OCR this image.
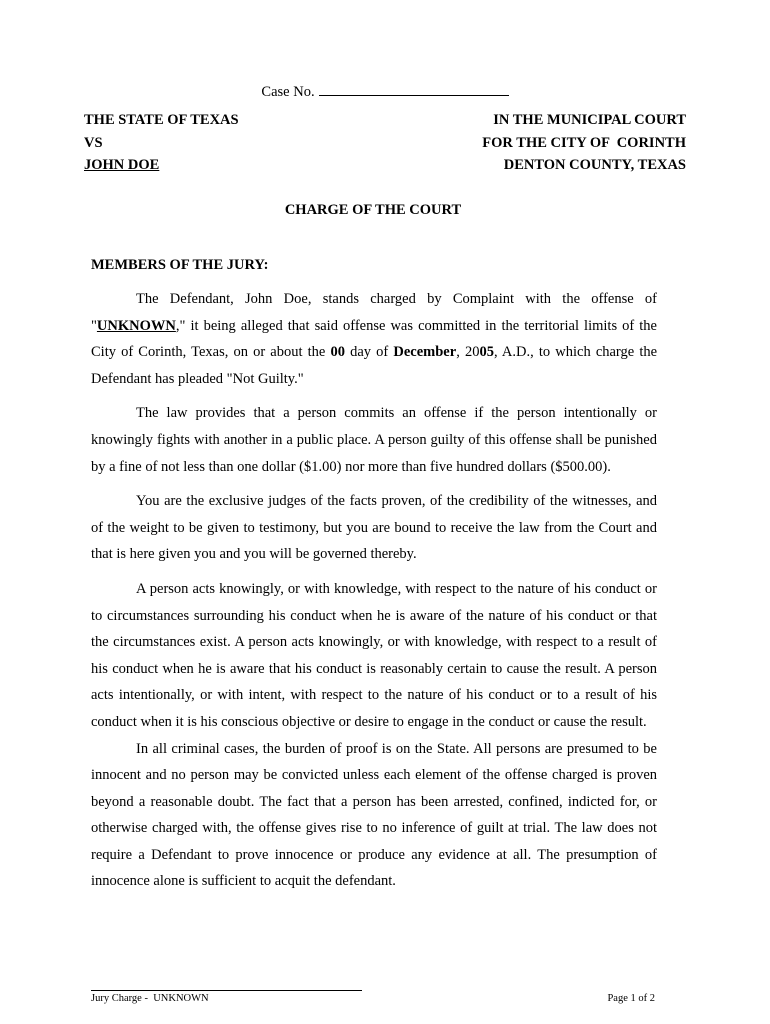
Case No.
THE STATE OF TEXAS
VS
JOHN DOE
IN THE MUNICIPAL COURT
FOR THE CITY OF  CORINTH
DENTON COUNTY, TEXAS
CHARGE OF THE COURT
MEMBERS OF THE JURY:

The Defendant, John Doe, stands charged by Complaint with the offense of "UNKNOWN," it being alleged that said offense was committed in the territorial limits of the City of Corinth, Texas, on or about the 00 day of December, 2005, A.D., to which charge the Defendant has pleaded "Not Guilty."

The law provides that a person commits an offense if the person intentionally or knowingly fights with another in a public place. A person guilty of this offense shall be punished by a fine of not less than one dollar ($1.00) nor more than five hundred dollars ($500.00).

You are the exclusive judges of the facts proven, of the credibility of the witnesses, and of the weight to be given to testimony, but you are bound to receive the law from the Court and that is here given you and you will be governed thereby.

A person acts knowingly, or with knowledge, with respect to the nature of his conduct or to circumstances surrounding his conduct when he is aware of the nature of his conduct or that the circumstances exist. A person acts knowingly, or with knowledge, with respect to a result of his conduct when he is aware that his conduct is reasonably certain to cause the result. A person acts intentionally, or with intent, with respect to the nature of his conduct or to a result of his conduct when it is his conscious objective or desire to engage in the conduct or cause the result.

In all criminal cases, the burden of proof is on the State. All persons are presumed to be innocent and no person may be convicted unless each element of the offense charged is proven beyond a reasonable doubt. The fact that a person has been arrested, confined, indicted for, or otherwise charged with, the offense gives rise to no inference of guilt at trial. The law does not require a Defendant to prove innocence or produce any evidence at all. The presumption of innocence alone is sufficient to acquit the defendant.

Jury Charge -  UNKNOWN	Page 1 of 2
